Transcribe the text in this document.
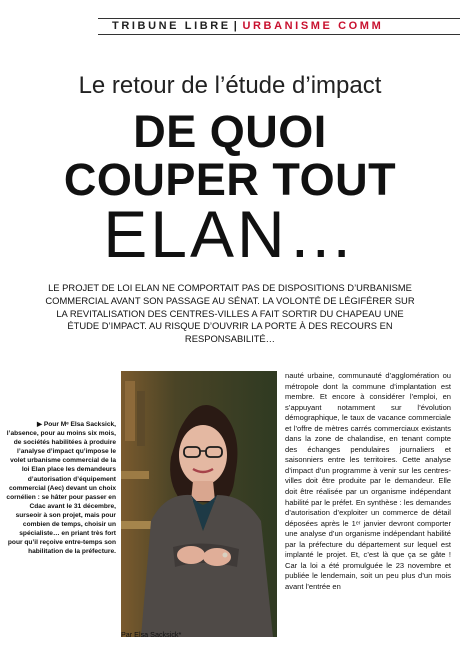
TRIBUNE LIBRE | URBANISME COMM
Le retour de l’étude d’impact
DE QUOI
COUPER TOUT
ELAN…

LE PROJET DE LOI ELAN NE COMPORTAIT PAS DE DISPOSITIONS D’URBANISME COMMERCIAL AVANT SON PASSAGE AU SÉNAT. LA VOLONTÉ DE LÉGIFÉRER SUR LA REVITALISATION DES CENTRES-VILLES A FAIT SORTIR DU CHAPEAU UNE ÉTUDE D’IMPACT. AU RISQUE D’OUVRIR LA PORTE À DES RECOURS EN RESPONSABILITÉ…

▶ Pour Mᵉ Elsa Sacksick, l’absence, pour au moins six mois, de sociétés habilitées à produire l’analyse d’impact qu’impose le volet urbanisme commercial de la loi Elan place les demandeurs d’autorisation d’équipement commercial (Aec) devant un choix cornélien : se hâter pour passer en Cdac avant le 31 décembre, surseoir à son projet, mais pour combien de temps, choisir un spécialiste… en priant très fort pour qu’il reçoive entre-temps son habilitation de la préfecture.
Par Elsa Sacksick*

nauté urbaine, communauté d’agglomération ou métropole dont la commune d’implantation est membre. Et encore à considérer l’emploi, en s’appuyant notamment sur l’évolution démographique, le taux de vacance commerciale et l’offre de mètres carrés commerciaux existants dans la zone de chalandise, en tenant compte des échanges pendulaires journaliers et saisonniers entre les territoires. Cette analyse d’impact d’un programme à venir sur les centres-villes doit être produite par le demandeur. Elle doit être réalisée par un organisme indépendant habilité par le préfet. En synthèse : les demandes d’autorisation d’exploiter un commerce de détail déposées après le 1ᵉʳ janvier devront comporter une analyse d’un organisme indépendant habilité par la préfecture du département sur lequel est implanté le projet. Et, c’est là que ça se gâte ! Car la loi a été promulguée le 23 novembre et publiée le lendemain, soit un peu plus d’un mois avant l’entrée en
